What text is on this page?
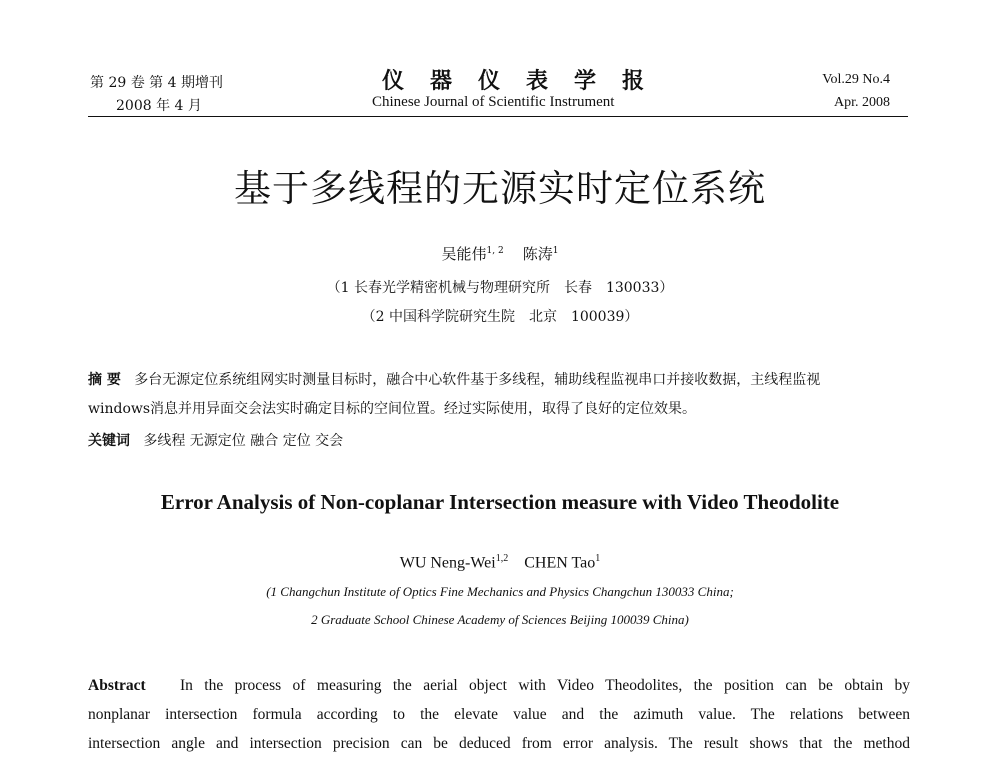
第 29 卷 第 4 期增刊
2008 年 4 月
仪器仪表学报
Chinese Journal of Scientific Instrument
Vol.29 No.4
Apr. 2008
基于多线程的无源实时定位系统
吴能伟$^{1, 2}$ 陈涛$^1$
（1 长春光学精密机械与物理研究所　长春　130033）
（2 中国科学院研究生院　北京　100039）
摘 要 多台无源定位系统组网实时测量目标时，融合中心软件基于多线程，辅助线程监视串口并接收数据，主线程监视
windows消息并用异面交会法实时确定目标的空间位置。经过实际使用，取得了良好的定位效果。
关键词 多线程 无源定位 融合 定位 交会
Error Analysis of Non-coplanar Intersection measure with Video Theodolite
WU Neng-Wei$^{1,2}$ CHEN Tao$^1$
(1 Changchun Institute of Optics Fine Mechanics and Physics Changchun 130033 China;
2 Graduate School Chinese Academy of Sciences Beijing 100039 China)
Abstract In the process of measuring the aerial object with Video Theodolites, the position can be obtain by
nonplanar intersection formula according to the elevate value and the azimuth value. The relations between
intersection angle and intersection precision can be deduced from error analysis. The result shows that the method
